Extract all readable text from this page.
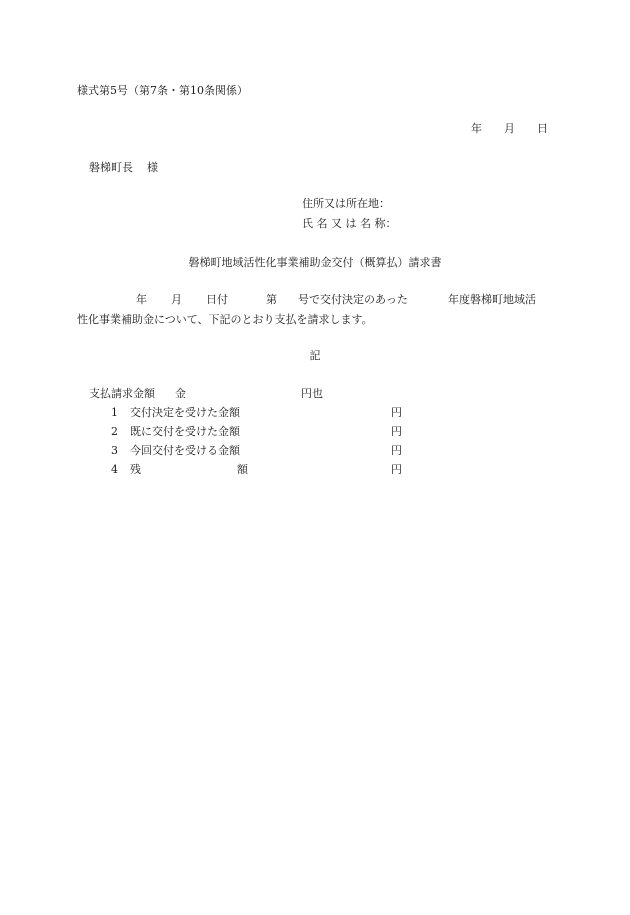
様式第5号（第7条・第10条関係）
年 月 日
磐梯町長 様
住所又は所在地：
氏 名 又 は 名 称：
磐梯町地域活性化事業補助金交付（概算払）請求書
年 月 日付	第 号で交付決定のあった	年度磐梯町地域活
性化事業補助金について、下記のとおり支払を請求します。
記
支払請求金額 金	円也
1 交付決定を受けた金額	円
2 既に交付を受けた金額	円
3 今回交付を受ける金額	円
4 残	額	円
